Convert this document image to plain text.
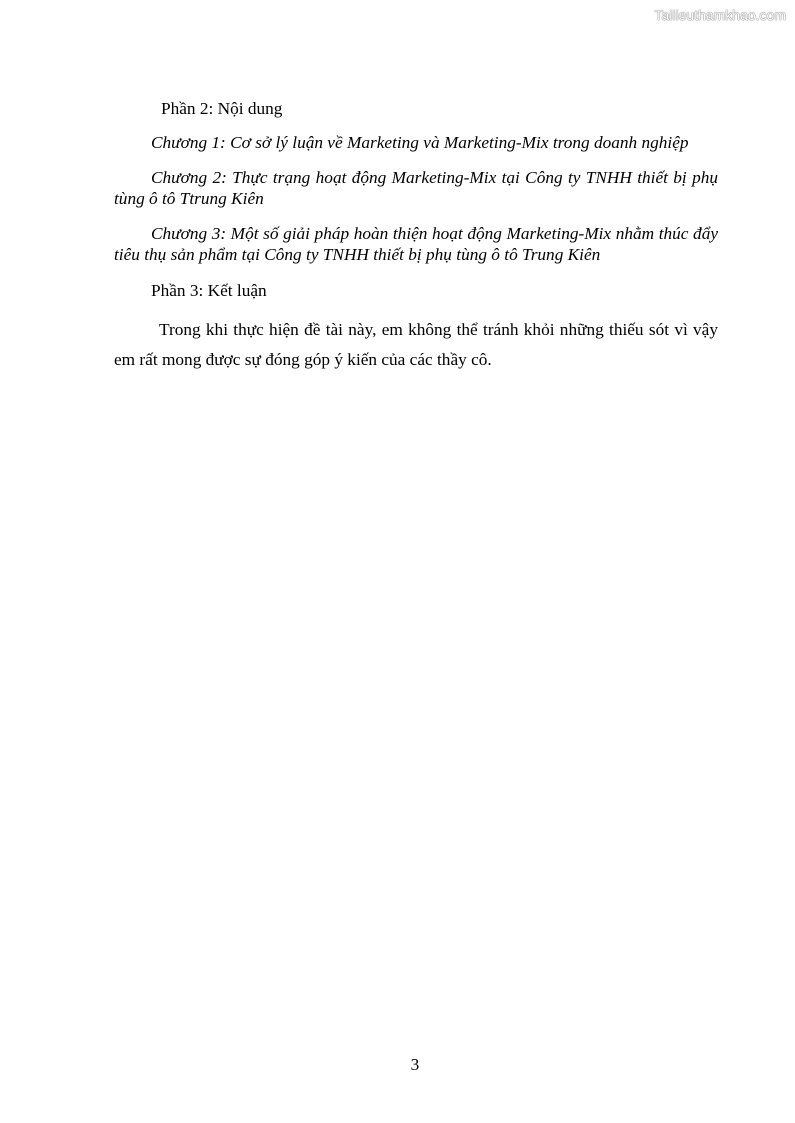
Tailieuthamkhao.com

Phần 2: Nội dung

Chương 1: Cơ sở lý luận về Marketing và Marketing-Mix trong doanh nghiệp

Chương 2: Thực trạng hoạt động Marketing-Mix tại Công ty TNHH thiết bị phụ tùng ô tô Ttrung Kiên

Chương 3: Một số giải pháp hoàn thiện hoạt động Marketing-Mix nhằm thúc đẩy tiêu thụ sản phẩm tại Công ty TNHH thiết bị phụ tùng ô tô Trung Kiên

Phần 3: Kết luận

Trong khi thực hiện đề tài này, em không thể tránh khỏi những thiếu sót vì vậy em rất mong được sự đóng góp ý kiến của các thầy cô.

3
